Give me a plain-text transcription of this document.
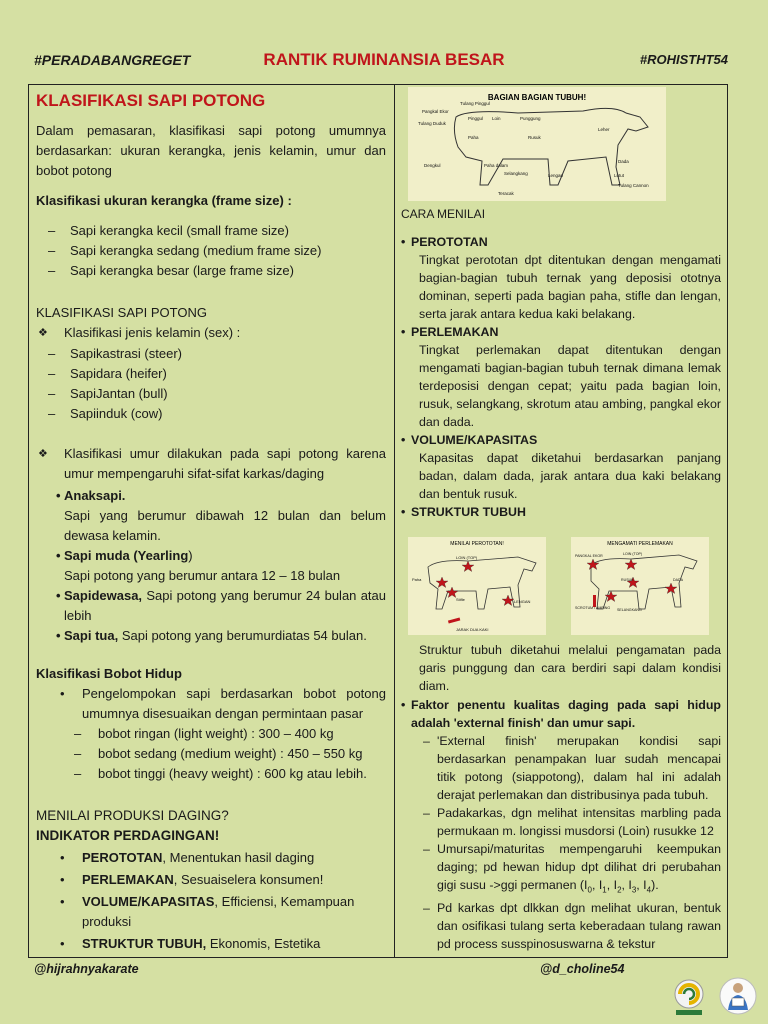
#PERADABANGREGET	RANTIK RUMINANSIA BESAR	#ROHISTHT54
KLASIFIKASI SAPI POTONG

Dalam pemasaran, klasifikasi sapi potong umumnya berdasarkan: ukuran kerangka, jenis kelamin, umur dan bobot potong

Klasifikasi ukuran kerangka (frame size) :

– Sapi kerangka kecil (small frame size)
– Sapi kerangka sedang (medium frame size)
– Sapi kerangka besar (large frame size)

KLASIFIKASI SAPI POTONG

❖ Klasifikasi jenis kelamin (sex) :
– Sapikastrasi (steer)
– Sapidara (heifer)
– SapiJantan (bull)
– Sapiinduk (cow)
❖ Klasifikasi umur dilakukan pada sapi potong karena umur mempengaruhi sifat-sifat karkas/daging
• Anaksapi.
Sapi yang berumur dibawah 12 bulan dan belum dewasa kelamin.
• Sapi muda (Yearling)
Sapi potong yang berumur antara 12 – 18 bulan
• Sapidewasa, Sapi potong yang berumur 24 bulan atau lebih
• Sapi tua, Sapi potong yang berumurdiatas 54 bulan.

Klasifikasi Bobot Hidup

• Pengelompokan sapi berdasarkan bobot potong umumnya disesuaikan dengan permintaan pasar
– bobot ringan (light weight) : 300 – 400 kg
– bobot sedang (medium weight) : 450 – 550 kg
– bobot tinggi (heavy weight) : 600 kg atau lebih.

MENILAI PRODUKSI DAGING?

INDIKATOR PERDAGINGAN!

• PEROTOTAN, Menentukan hasil daging
• PERLEMAKAN, Sesuaiselera konsumen!
• VOLUME/KAPASITAS, Efficiensi, Kemampuan produksi
• STRUKTUR TUBUH, Ekonomis, Estetika
BAGIAN BAGIAN TUBUH!
Pangkal Ekor
Tulang Pinggul
Tulang Duduk
Pinggul Loin	Punggung
Paha	Rusuk
Leher
Dengkul	Paha dalam
Dada
Selangkang	Lengan	Lutut
Tulang Cannon
Teracak

CARA MENILAI

• PEROTOTAN

Tingkat perototan dpt ditentukan dengan mengamati bagian-bagian tubuh ternak yang deposisi ototnya dominan, seperti pada bagian paha, stifle dan lengan, serta jarak antara kedua kaki belakang.

• PERLEMAKAN

Tingkat perlemakan dapat ditentukan dengan mengamati bagian-bagian tubuh ternak dimana lemak terdeposisi dengan cepat; yaitu pada bagian loin, rusuk, selangkang, skrotum atau ambing, pangkal ekor dan dada.

• VOLUME/KAPASITAS

Kapasitas dapat diketahui berdasarkan panjang badan, dalam dada, jarak antara dua kaki belakang dan bentuk rusuk.

• STRUKTUR TUBUH
MENILAI PEROTOTAN!
LOIN (TOP)
Paha
Stifle	LENGAN
JARAK DUA KAKI
MENGAMATI PERLEMAKAN
PANGKAL EKOR	LOIN (TOP)
RUSUK	DADA
SCROTUM / AMBING SELANGKANG

Struktur tubuh diketahui melalui pengamatan pada garis punggung dan cara berdiri sapi dalam kondisi diam.

• Faktor penentu kualitas daging pada sapi hidup adalah 'external finish' dan umur sapi.
– 'External finish' merupakan kondisi sapi berdasarkan penampakan luar sudah mencapai titik potong (siappotong), dalam hal ini adalah derajat perlemakan dan distribusinya pada tubuh.
– Padakarkas, dgn melihat intensitas marbling pada permukaan m. longissi musdorsi (Loin) rusukke 12
– Umursapi/maturitas mempengaruhi keempukan daging; pd hewan hidup dpt dilihat dri perubahan gigi susu ->ggi permanen ($I_0$, $I_1$, $I_2$, $I_3$, $I_4$).
– Pd karkas dpt dlkkan dgn melihat ukuran, bentuk dan osifikasi tulang serta keberadaan tulang rawan pd process susspinosuswarna & tekstur
@hijrahnyakarate	@d_choline54
